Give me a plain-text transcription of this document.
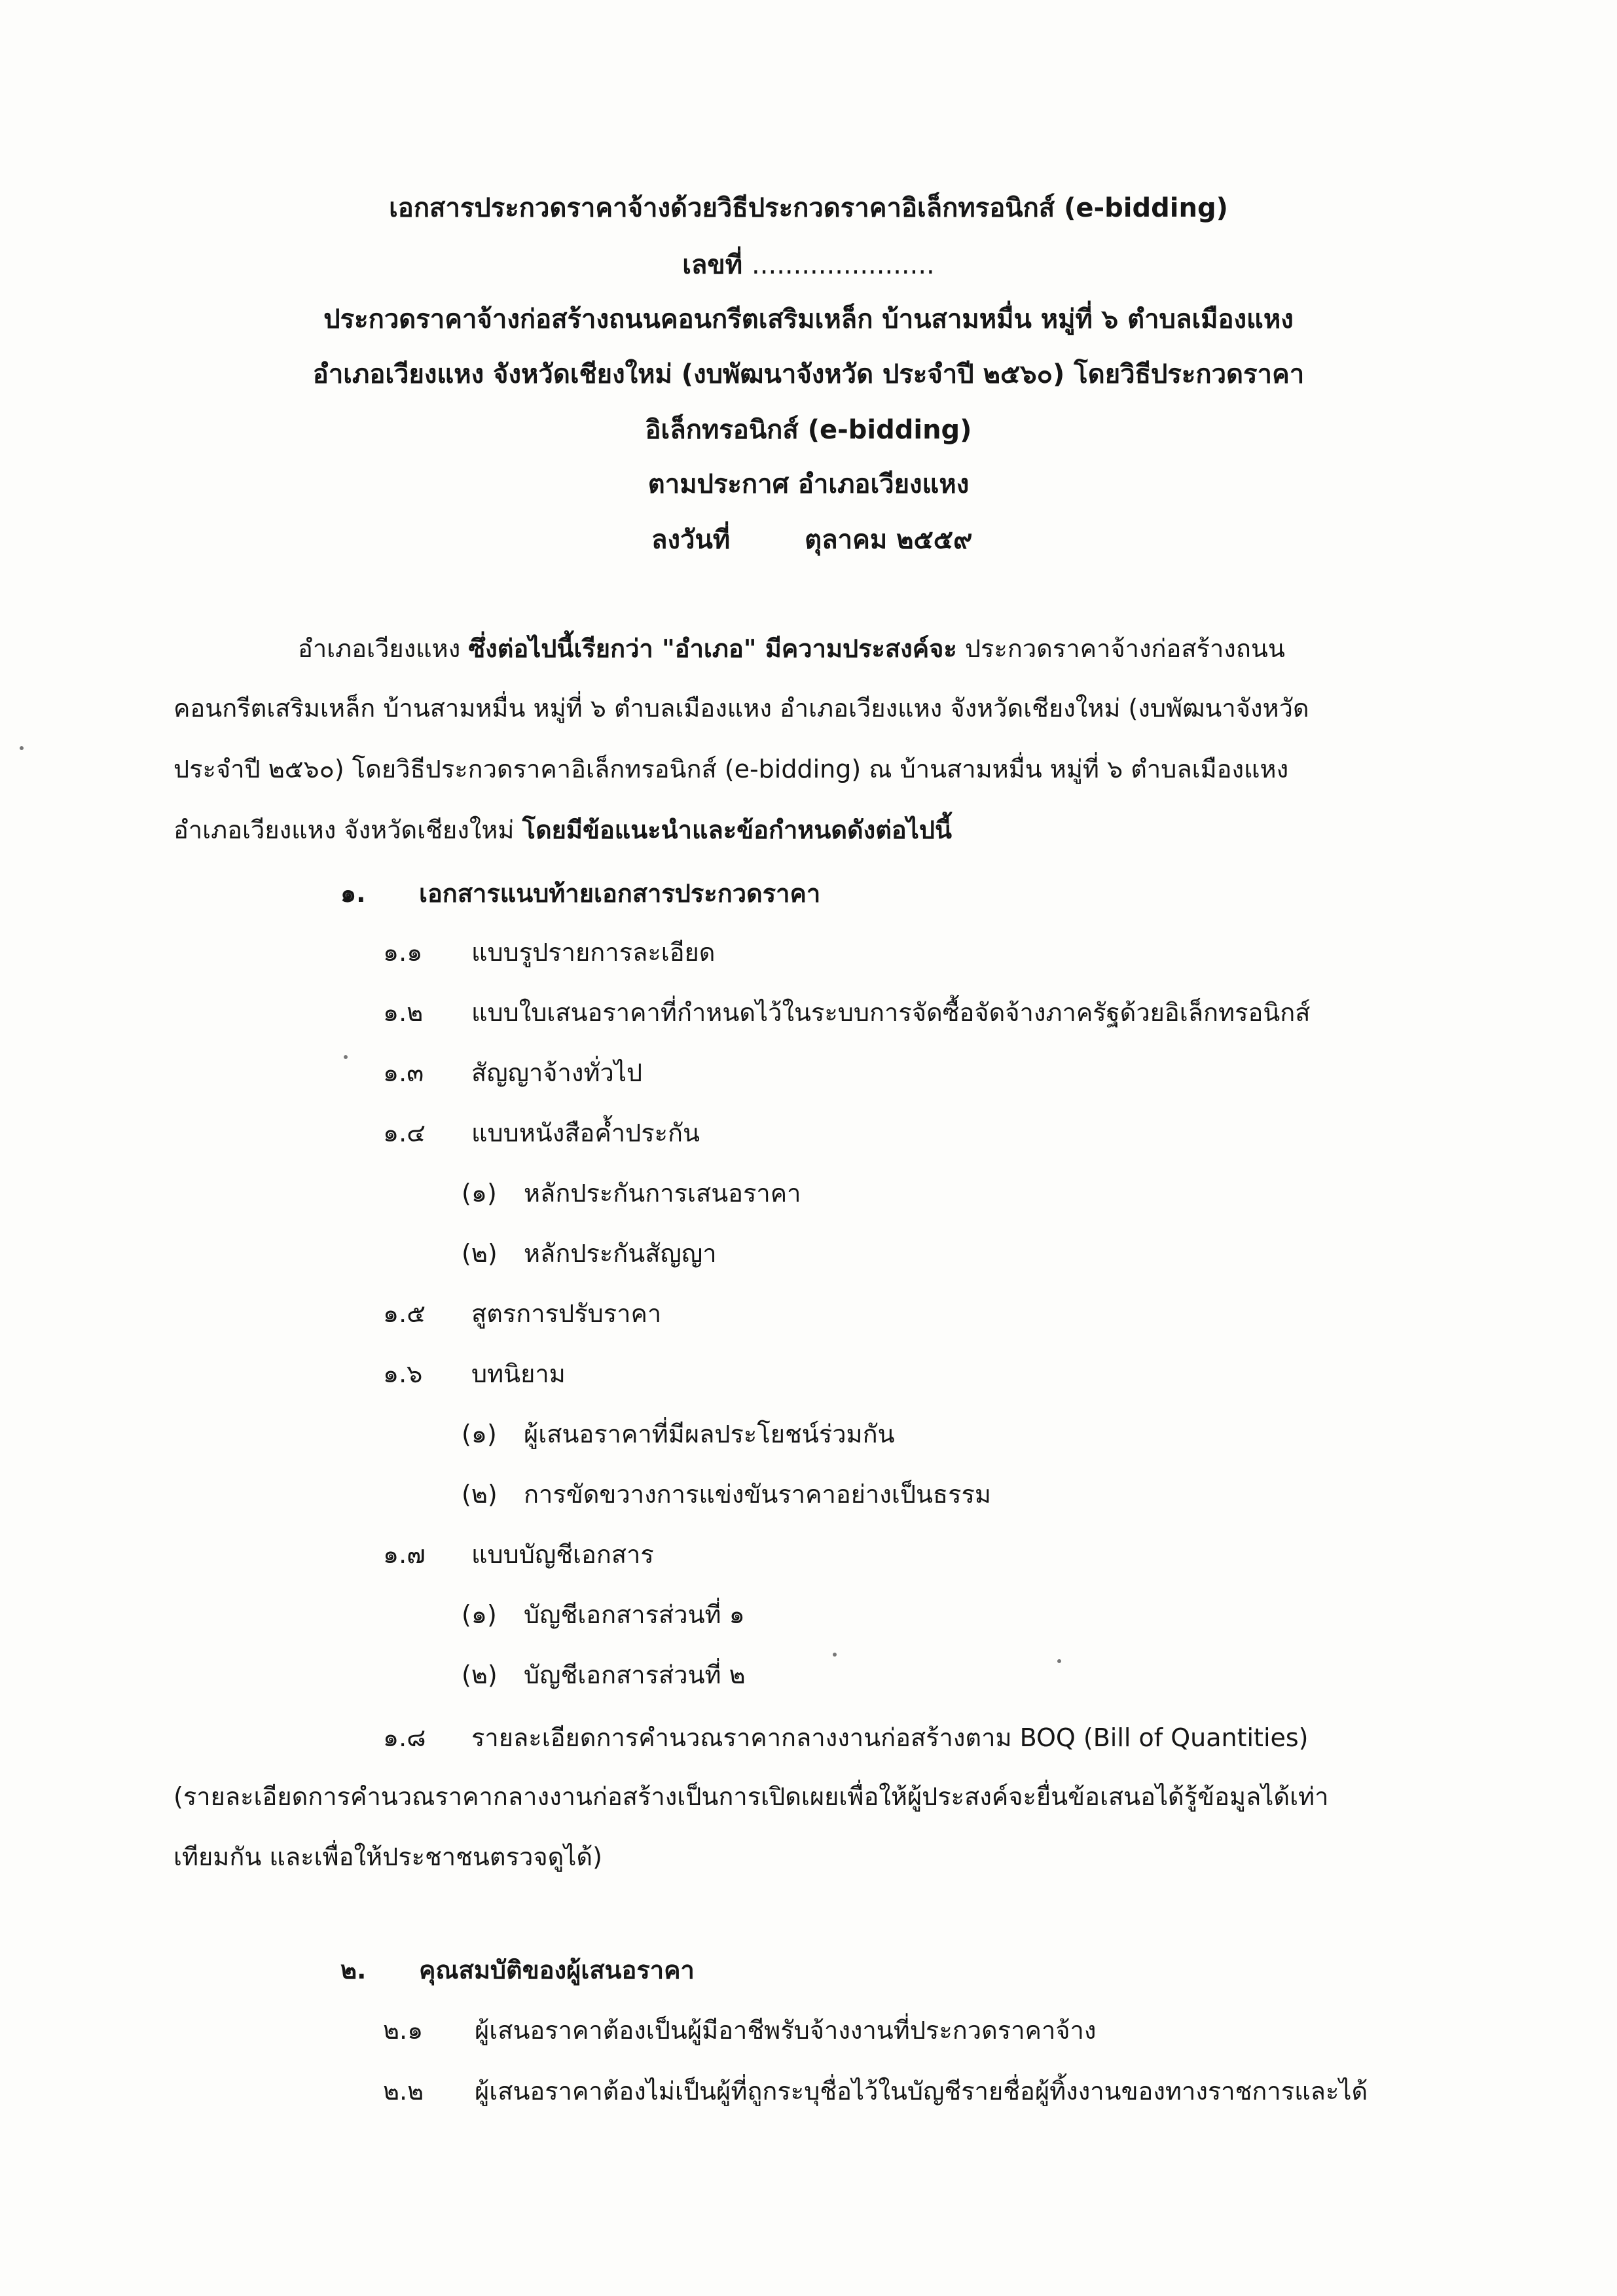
เอกสารประกวดราคาจ้างด้วยวิธีประกวดราคาอิเล็กทรอนิกส์ (e-bidding)
เลขที่ ......................
ประกวดราคาจ้างก่อสร้างถนนคอนกรีตเสริมเหล็ก บ้านสามหมื่น หมู่ที่ ๖ ตำบลเมืองแหง
อำเภอเวียงแหง จังหวัดเชียงใหม่ (งบพัฒนาจังหวัด ประจำปี ๒๕๖๐) โดยวิธีประกวดราคา
อิเล็กทรอนิกส์ (e-bidding)
ตามประกาศ อำเภอเวียงแหง
ลงวันที่	ตุลาคม ๒๕๕๙
อำเภอเวียงแหง ซึ่งต่อไปนี้เรียกว่า "อำเภอ" มีความประสงค์จะ ประกวดราคาจ้างก่อสร้างถนน
คอนกรีตเสริมเหล็ก บ้านสามหมื่น หมู่ที่ ๖ ตำบลเมืองแหง อำเภอเวียงแหง จังหวัดเชียงใหม่ (งบพัฒนาจังหวัด
ประจำปี ๒๕๖๐) โดยวิธีประกวดราคาอิเล็กทรอนิกส์ (e-bidding) ณ บ้านสามหมื่น หมู่ที่ ๖ ตำบลเมืองแหง
อำเภอเวียงแหง จังหวัดเชียงใหม่ โดยมีข้อแนะนำและข้อกำหนดดังต่อไปนี้
๑. เอกสารแนบท้ายเอกสารประกวดราคา
๑.๑ แบบรูปรายการละเอียด
๑.๒ แบบใบเสนอราคาที่กำหนดไว้ในระบบการจัดซื้อจัดจ้างภาครัฐด้วยอิเล็กทรอนิกส์
๑.๓ สัญญาจ้างทั่วไป
๑.๔ แบบหนังสือค้ำประกัน
(๑) หลักประกันการเสนอราคา
(๒) หลักประกันสัญญา
๑.๕ สูตรการปรับราคา
๑.๖ บทนิยาม
(๑) ผู้เสนอราคาที่มีผลประโยชน์ร่วมกัน
(๒) การขัดขวางการแข่งขันราคาอย่างเป็นธรรม
๑.๗ แบบบัญชีเอกสาร
(๑) บัญชีเอกสารส่วนที่ ๑
(๒) บัญชีเอกสารส่วนที่ ๒
๑.๘ รายละเอียดการคำนวณราคากลางงานก่อสร้างตาม BOQ (Bill of Quantities)
(รายละเอียดการคำนวณราคากลางงานก่อสร้างเป็นการเปิดเผยเพื่อให้ผู้ประสงค์จะยื่นข้อเสนอได้รู้ข้อมูลได้เท่า
เทียมกัน และเพื่อให้ประชาชนตรวจดูได้)
๒. คุณสมบัติของผู้เสนอราคา
๒.๑ ผู้เสนอราคาต้องเป็นผู้มีอาชีพรับจ้างงานที่ประกวดราคาจ้าง
๒.๒ ผู้เสนอราคาต้องไม่เป็นผู้ที่ถูกระบุชื่อไว้ในบัญชีรายชื่อผู้ทิ้งงานของทางราชการและได้
